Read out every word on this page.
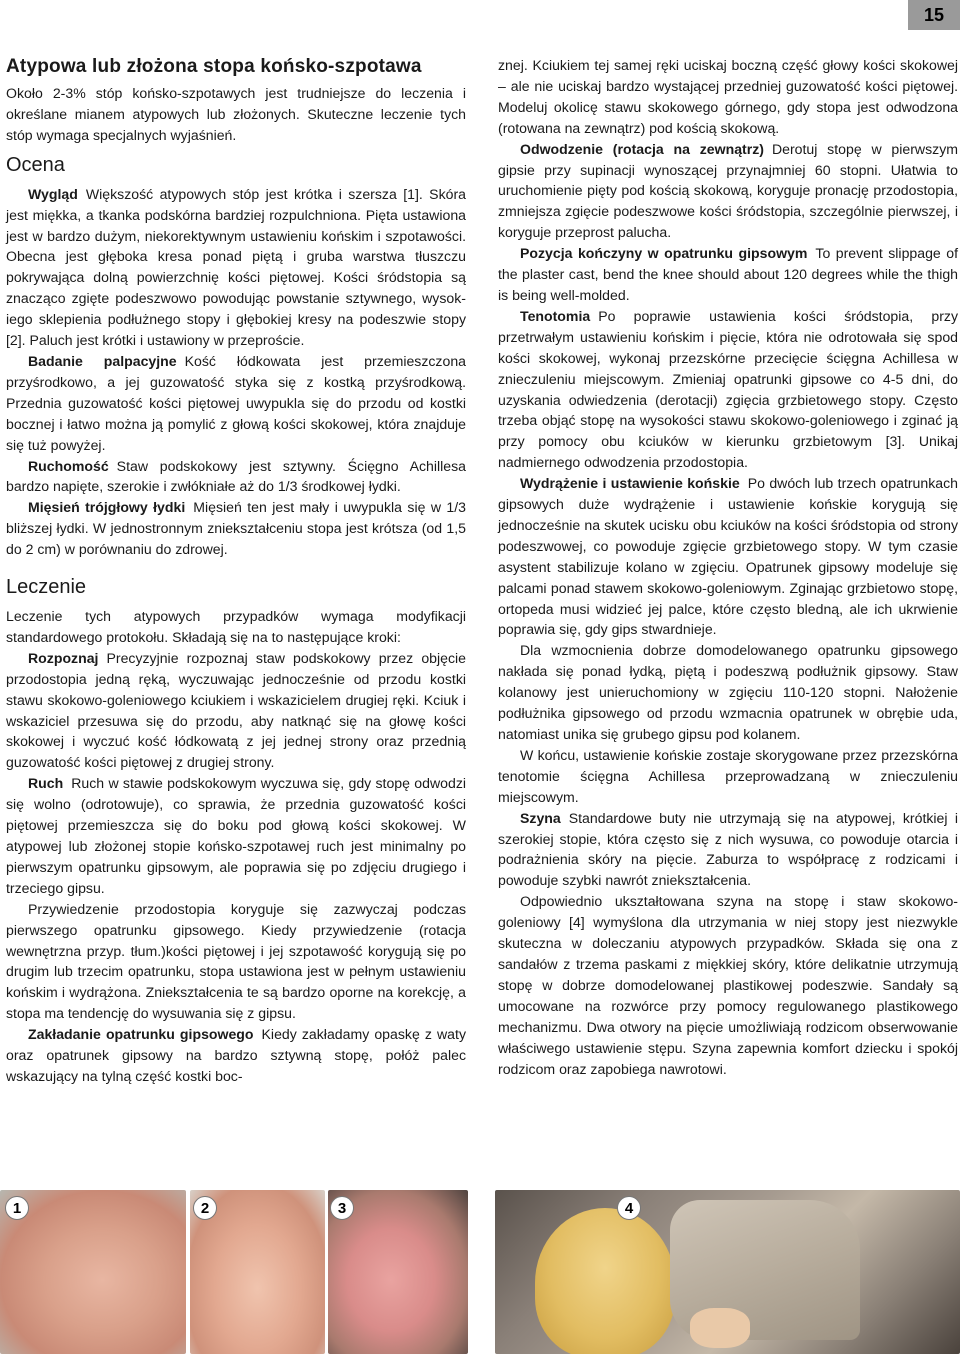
15
Atypowa lub złożona stopa końsko-szpotawa

Około 2-3% stóp końsko-szpotawych jest trudniejsze do leczenia i określane mianem atypowych lub złożonych. Skuteczne leczenie tych stóp wymaga specjalnych wyjaśnień.

Ocena

Wygląd Większość atypowych stóp jest krótka i szersza [1]. Skóra jest miękka, a tkanka podskórna bardziej rozpulchniona. Pięta ustawiona jest w bardzo dużym, niekorektywnym ustawieniu końskim i szpotawości. Obecna jest głęboka kresa ponad piętą i gruba warstwa tłuszczu pokrywająca dolną powierzchnię kości piętowej. Kości śródstopia są znacząco zgięte podeszwowo powodując powstanie sztywnego, wysokiego sklepienia podłużnego stopy i głębokiej kresy na podeszwie stopy [2]. Paluch jest krótki i ustawiony w przeproście.

Badanie palpacyjne Kość łódkowata jest przemieszczona przyśrodkowo, a jej guzowatość styka się z kostką przyśrodkową. Przednia guzowatość kości piętowej uwypukla się do przodu od kostki bocznej i łatwo można ją pomylić z głową kości skokowej, która znajduje się tuż powyżej.

Ruchomość Staw podskokowy jest sztywny. Ścięgno Achillesa bardzo napięte, szerokie i zwłókniałe aż do 1/3 środkowej łydki.

Mięsień trójgłowy łydki Mięsień ten jest mały i uwypukla się w 1/3 bliższej łydki. W jednostronnym zniekształceniu stopa jest krótsza (od 1,5 do 2 cm) w porównaniu do zdrowej.

Leczenie

Leczenie tych atypowych przypadków wymaga modyfikacji standardowego protokołu. Składają się na to następujące kroki:

Rozpoznaj Precyzyjnie rozpoznaj staw podskokowy przez objęcie przodostopia jedną ręką, wyczuwając jednocześnie od przodu kostki stawu skokowo-goleniowego kciukiem i wskazicielem drugiej ręki. Kciuk i wskaziciel przesuwa się do przodu, aby natknąć się na głowę kości skokowej i wyczuć kość łódkowatą z jej jednej strony oraz przednią guzowatość kości piętowej z drugiej strony.

Ruch Ruch w stawie podskokowym wyczuwa się, gdy stopę odwodzi się wolno (odrotowuje), co sprawia, że przednia guzowatość kości piętowej przemieszcza się do boku pod głową kości skokowej. W atypowej lub złożonej stopie końsko-szpotawej ruch jest minimalny po pierwszym opatrunku gipsowym, ale poprawia się po zdjęciu drugiego i trzeciego gipsu.

Przywiedzenie przodostopia koryguje się zazwyczaj podczas pierwszego opatrunku gipsowego. Kiedy przywiedzenie (rotacja wewnętrzna przyp. tłum.)kości piętowej i jej szpotawość korygują się po drugim lub trzecim opatrunku, stopa ustawiona jest w pełnym ustawieniu końskim i wydrążona. Zniekształcenia te są bardzo oporne na korekcję, a stopa ma tendencję do wysuwania się z gipsu.

Zakładanie opatrunku gipsowego Kiedy zakładamy opaskę z waty oraz opatrunek gipsowy na bardzo sztywną stopę, połóż palec wskazujący na tylną część kostki boc-

znej. Kciukiem tej samej ręki uciskaj boczną część głowy kości skokowej – ale nie uciskaj bardzo wystającej przedniej guzowatość kości piętowej. Modeluj okolicę stawu skokowego górnego, gdy stopa jest odwodzona (rotowana na zewnątrz) pod kością skokową.

Odwodzenie (rotacja na zewnątrz) Derotuj stopę w pierwszym gipsie przy supinacji wynoszącej przynajmniej 60 stopni. Ułatwia to uruchomienie pięty pod kością skokową, koryguje pronację przodostopia, zmniejsza zgięcie podeszwowe kości śródstopia, szczególnie pierwszej, i koryguje przeprost palucha.

Pozycja kończyny w opatrunku gipsowym To prevent slippage of the plaster cast, bend the knee should about 120 degrees while the thigh is being well-molded.

Tenotomia Po poprawie ustawienia kości śródstopia, przy przetrwałym ustawieniu końskim i pięcie, która nie odrotowała się spod kości skokowej, wykonaj przezskórne przecięcie ścięgna Achillesa w znieczuleniu miejscowym. Zmieniaj opatrunki gipsowe co 4-5 dni, do uzyskania odwiedzenia (derotacji) zgięcia grzbietowego stopy. Często trzeba objąć stopę na wysokości stawu skokowo-goleniowego i zginać ją przy pomocy obu kciuków w kierunku grzbietowym [3]. Unikaj nadmiernego odwodzenia przodostopia.

Wydrążenie i ustawienie końskie Po dwóch lub trzech opatrunkach gipsowych duże wydrążenie i ustawienie końskie korygują się jednocześnie na skutek ucisku obu kciuków na kości śródstopia od strony podeszwowej, co powoduje zgięcie grzbietowego stopy. W tym czasie asystent stabilizuje kolano w zgięciu. Opatrunek gipsowy modeluje się palcami ponad stawem skokowo-goleniowym. Zginając grzbietowo stopę, ortopeda musi widzieć jej palce, które często bledną, ale ich ukrwienie poprawia się, gdy gips stwardnieje.

Dla wzmocnienia dobrze domodelowanego opatrunku gipsowego nakłada się ponad łydką, piętą i podeszwą podłużnik gipsowy. Staw kolanowy jest unieruchomiony w zgięciu 110-120 stopni. Nałożenie podłużnika gipsowego od przodu wzmacnia opatrunek w obrębie uda, natomiast unika się grubego gipsu pod kolanem.

W końcu, ustawienie końskie zostaje skorygowane przez przezskórna tenotomie ścięgna Achillesa przeprowadzaną w znieczuleniu miejscowym.

Szyna Standardowe buty nie utrzymają się na atypowej, krótkiej i szerokiej stopie, która często się z nich wysuwa, co powoduje otarcia i podrażnienia skóry na pięcie. Zaburza to współpracę z rodzicami i powoduje szybki nawrót zniekształcenia.

Odpowiednio ukształtowana szyna na stopę i staw skokowo-goleniowy [4] wymyślona dla utrzymania w niej stopy jest niezwykle skuteczna w doleczaniu atypowych przypadków. Składa się ona z sandałów z trzema paskami z miękkiej skóry, które delikatnie utrzymują stopę w dobrze domodelowanej plastikowej podeszwie. Sandały są umocowane na rozwórce przy pomocy regulowanego plastikowego mechanizmu. Dwa otwory na pięcie umożliwiają rodzicom obserwowanie właściwego ustawienie stępu. Szyna zapewnia komfort dziecku i spokój rodzicom oraz zapobiega nawrotowi.

1	2	3	4
